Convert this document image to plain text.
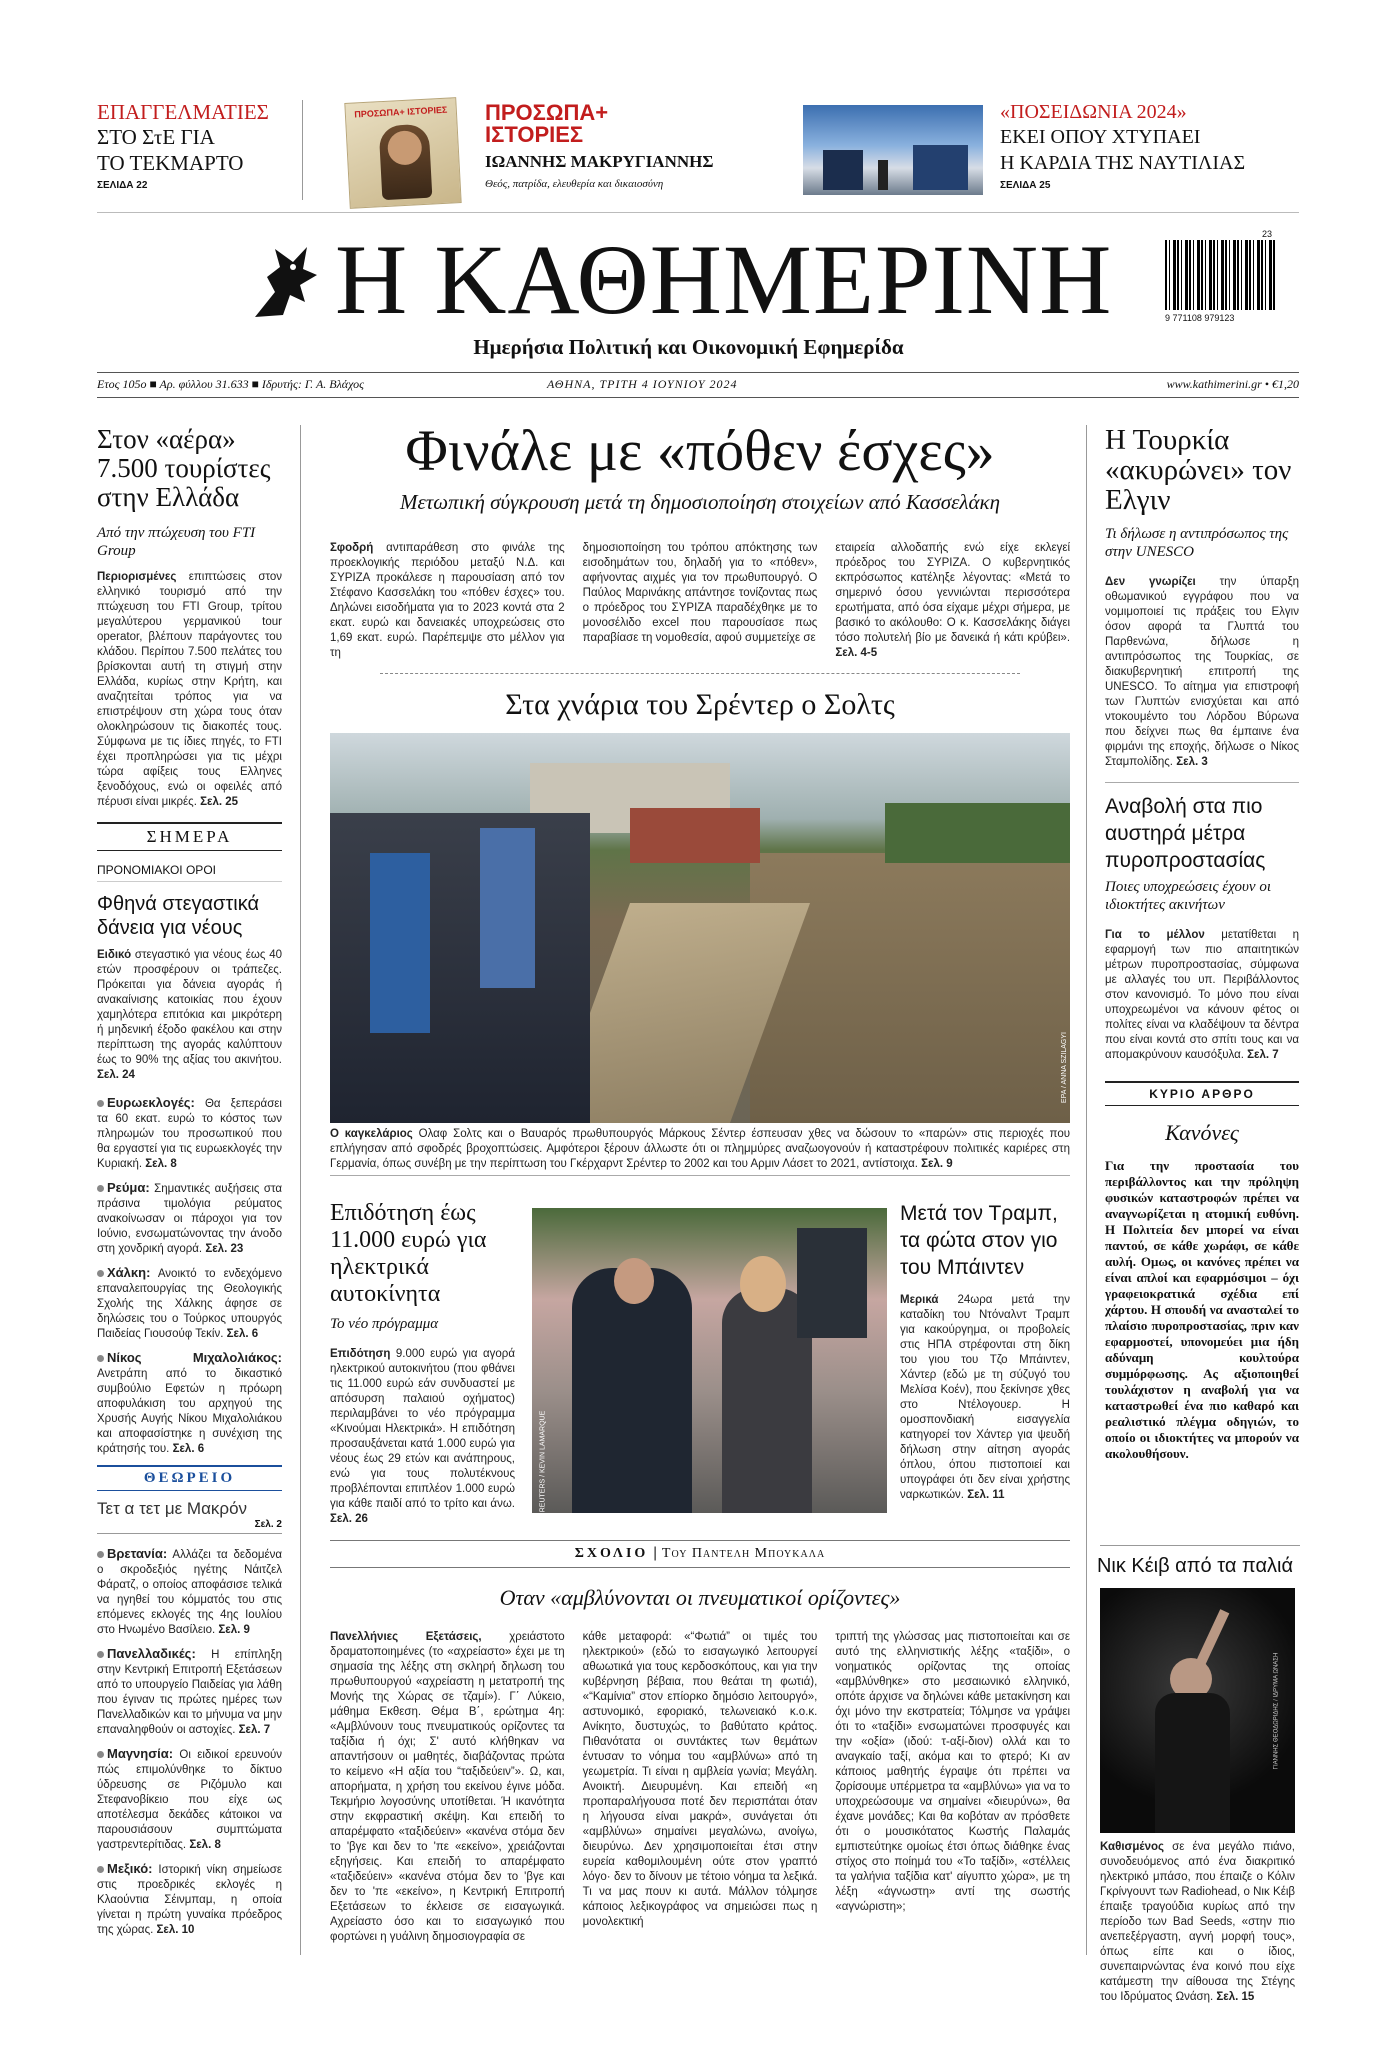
ΕΠΑΓΓΕΛΜΑΤΙΕΣ
ΣΤΟ ΣτΕ ΓΙΑ
ΤΟ ΤΕΚΜΑΡΤΟ
ΣΕΛΙΔΑ 22
ΠΡΟΣΩΠΑ+ ΙΣΤΟΡΙΕΣ	ΠΡΟΣΩΠΑ+ ΙΣΤΟΡΙΕΣ
ΙΩΑΝΝΗΣ ΜΑΚΡΥΓΙΑΝΝΗΣ
Θεός, πατρίδα, ελευθερία και δικαιοσύνη
«ΠΟΣΕΙΔΩΝΙΑ 2024»
ΕΚΕΙ ΟΠΟΥ ΧΤΥΠΑΕΙ
Η ΚΑΡΔΙΑ ΤΗΣ ΝΑΥΤΙΛΙΑΣ
ΣΕΛΙΔΑ 25
Η ΚΑΘΗΜΕΡΙΝΗ
Ημερήσια Πολιτική και Οικονομική Εφημερίδα
9 771108 979123
23
Ετος 105ο ■ Αρ. φύλλου 31.633 ■ Ιδρυτής: Γ. Α. Βλάχος	ΑΘΗΝΑ, ΤΡΙΤΗ 4 ΙΟΥΝΙΟΥ 2024	www.kathimerini.gr • €1,20
Στον «αέρα» 7.500 τουρίστες στην Ελλάδα
Από την πτώχευση του FTI Group

Περιορισμένες επιπτώσεις στον ελληνικό τουρισμό από την πτώχευση του FTI Group, τρίτου μεγαλύτερου γερμανικού tour operator, βλέπουν παράγοντες του κλάδου. Περίπου 7.500 πελάτες του βρίσκονται αυτή τη στιγμή στην Ελλάδα, κυρίως στην Κρήτη, και αναζητείται τρόπος για να επιστρέψουν στη χώρα τους όταν ολοκληρώσουν τις διακοπές τους. Σύμφωνα με τις ίδιες πηγές, το FTI έχει προπληρώσει για τις μέχρι τώρα αφίξεις τους Ελληνες ξενοδόχους, ενώ οι οφειλές από πέρυσι είναι μικρές. Σελ. 25

ΣΗΜΕΡΑ
ΠΡΟΝΟΜΙΑΚΟΙ ΟΡΟΙ
Φθηνά στεγαστικά δάνεια για νέους

Ειδικό στεγαστικό για νέους έως 40 ετών προσφέρουν οι τράπεζες. Πρόκειται για δάνεια αγοράς ή ανακαίνισης κατοικίας που έχουν χαμηλότερα επιτόκια και μικρότερη ή μηδενική έξοδο φακέλου και στην περίπτωση της αγοράς καλύπτουν έως το 90% της αξίας του ακινήτου. Σελ. 24

Ευρωεκλογές: Θα ξεπεράσει τα 60 εκατ. ευρώ το κόστος των πληρωμών του προσωπικού που θα εργαστεί για τις ευρωεκλογές την Κυριακή. Σελ. 8

Ρεύμα: Σημαντικές αυξήσεις στα πράσινα τιμολόγια ρεύματος ανακοίνωσαν οι πάροχοι για τον Ιούνιο, ενσωματώνοντας την άνοδο στη χονδρική αγορά. Σελ. 23

Χάλκη: Ανοικτό το ενδεχόμενο επαναλειτουργίας της Θεολογικής Σχολής της Χάλκης άφησε σε δηλώσεις του ο Τούρκος υπουργός Παιδείας Γιουσούφ Τεκίν. Σελ. 6

Νίκος Μιχαλολιάκος: Ανετράπη από το δικαστικό συμβούλιο Εφετών η πρόωρη αποφυλάκιση του αρχηγού της Χρυσής Αυγής Νίκου Μιχαλολιάκου και αποφασίστηκε η συνέχιση της κράτησής του. Σελ. 6

ΘΕΩΡΕΙΟ
Τετ α τετ με Μακρόν
Σελ. 2

Βρετανία: Αλλάζει τα δεδομένα ο σκροδεξιός ηγέτης Νάιτζελ Φάρατζ, ο οποίος αποφάσισε τελικά να ηγηθεί του κόμματός του στις επόμενες εκλογές της 4ης Ιουλίου στο Ηνωμένο Βασίλειο. Σελ. 9

Πανελλαδικές: Η επίπληξη στην Κεντρική Επιτροπή Εξετάσεων από το υπουργείο Παιδείας για λάθη που έγιναν τις πρώτες ημέρες των Πανελλαδικών και το μήνυμα να μην επαναληφθούν οι αστοχίες. Σελ. 7

Μαγνησία: Οι ειδικοί ερευνούν πώς επιμολύνθηκε το δίκτυο ύδρευσης σε Ριζόμυλο και Στεφανοβίκειο που είχε ως αποτέλεσμα δεκάδες κάτοικοι να παρουσιάσουν συμπτώματα γαστρεντερίτιδας. Σελ. 8

Μεξικό: Ιστορική νίκη σημείωσε στις προεδρικές εκλογές η Κλαούντια Σέινμπαμ, η οποία γίνεται η πρώτη γυναίκα πρόεδρος της χώρας. Σελ. 10

Φινάλε με «πόθεν έσχες»
Μετωπική σύγκρουση μετά τη δημοσιοποίηση στοιχείων από Κασσελάκη

Σφοδρή αντιπαράθεση στο φινάλε της προεκλογικής περιόδου μεταξύ Ν.Δ. και ΣΥΡΙΖΑ προκάλεσε η παρουσίαση από τον Στέφανο Κασσελάκη του «πόθεν έσχες» του. Δηλώνει εισοδήματα για το 2023 κοντά στα 2 εκατ. ευρώ και δανειακές υποχρεώσεις στο 1,69 εκατ. ευρώ. Παρέπεμψε στο μέλλον για τη

δημοσιοποίηση του τρόπου απόκτησης των εισοδημάτων του, δηλαδή για το «πόθεν», αφήνοντας αιχμές για τον πρωθυπουργό. Ο Παύλος Μαρινάκης απάντησε τονίζοντας πως ο πρόεδρος του ΣΥΡΙΖΑ παραδέχθηκε με το μονοσέλιδο excel που παρουσίασε πως παραβίασε τη νομοθεσία, αφού συμμετείχε σε

εταιρεία αλλοδαπής ενώ είχε εκλεγεί πρόεδρος του ΣΥΡΙΖΑ. Ο κυβερνητικός εκπρόσωπος κατέληξε λέγοντας: «Μετά το σημερινό όσου γεννιώνται περισσότερα ερωτήματα, από όσα είχαμε μέχρι σήμερα, με βασικό το ακόλουθο: Ο κ. Κασσελάκης διάγει τόσο πολυτελή βίο με δανεικά ή κάτι κρύβει». Σελ. 4-5

Στα χνάρια του Σρέντερ ο Σολτς
EPA / ANNA SZILAGYI

Ο καγκελάριος Ολαφ Σολτς και ο Βαυαρός πρωθυπουργός Μάρκους Σέντερ έσπευσαν χθες να δώσουν το «παρών» στις περιοχές που επλήγησαν από σφοδρές βροχοπτώσεις. Αμφότεροι ξέρουν άλλωστε ότι οι πλημμύρες αναζωογονούν ή καταστρέφουν πολιτικές καριέρες στη Γερμανία, όπως συνέβη με την περίπτωση του Γκέρχαρντ Σρέντερ το 2002 και του Αρμιν Λάσετ το 2021, αντίστοιχα. Σελ. 9

Επιδότηση έως 11.000 ευρώ για ηλεκτρικά αυτοκίνητα
Το νέο πρόγραμμα

Επιδότηση 9.000 ευρώ για αγορά ηλεκτρικού αυτοκινήτου (που φθάνει τις 11.000 ευρώ εάν συνδυαστεί με απόσυρση παλαιού οχήματος) περιλαμβάνει το νέο πρόγραμμα «Κινούμαι Ηλεκτρικά». Η επιδότηση προσαυξάνεται κατά 1.000 ευρώ για νέους έως 29 ετών και ανάπηρους, ενώ για τους πολυτέκνους προβλέπονται επιπλέον 1.000 ευρώ για κάθε παιδί από το τρίτο και άνω. Σελ. 26

REUTERS / KEVIN LAMARQUE
Μετά τον Τραμπ, τα φώτα στον γιο του Μπάιντεν

Μερικά 24ωρα μετά την καταδίκη του Ντόναλντ Τραμπ για κακούργημα, οι προβολείς στις ΗΠΑ στρέφονται στη δίκη του γιου του Τζο Μπάιντεν, Χάντερ (εδώ με τη σύζυγό του Μελίσα Κοέν), που ξεκίνησε χθες στο Ντέλογουερ. Η ομοσπονδιακή εισαγγελία κατηγορεί τον Χάντερ για ψευδή δήλωση στην αίτηση αγοράς όπλου, όπου πιστοποιεί και υπογράφει ότι δεν είναι χρήστης ναρκωτικών. Σελ. 11

ΣΧΟΛΙΟ | Του Παντελη Μπουκαλα
Οταν «αμβλύνονται οι πνευματικοί ορίζοντες»

Πανελλήνιες Εξετάσεις, χρειάστοτο δραματοποιημένες (το «αχρείαστο» έχει με τη σημασία της λέξης στη σκληρή δηλωση του πρωθυπουργού «αχρείαστη η μετατροπή της Μονής της Χώρας σε τζαμί»). Γ΄ Λύκειο, μάθημα Εκθεση. Θέμα Β΄, ερώτημα 4η: «Αμβλύνουν τους πνευματικούς ορίζοντες τα ταξίδια ή όχι; Σ' αυτό κλήθηκαν να απαντήσουν οι μαθητές, διαβάζοντας πρώτα το κείμενο «Η αξία του “ταξιδεύειν”». Ω, και, απορήματα, η χρήση του εκείνου έγινε μόδα. Τεκμήριο λογοσύνης υποτίθεται. Ή ικανότητα στην εκφραστική σκέψη. Και επειδή το απαρέμφατο «ταξιδεύειν» «κανένα στόμα δεν το 'βγε και δεν το 'πε «εκείνο», χρειάζονται εξηγήσεις. Και επειδή το απαρέμφατο «ταξιδεύειν» «κανένα στόμα δεν το 'βγε και δεν το 'πε «εκείνο», η Κεντρική Επιτροπή Εξετάσεων το έκλεισε σε εισαγωγικά. Αχρείαστο όσο και το εισαγωγικό που φορτώνει η γυάλινη δημοσιογραφία σε

κάθε μεταφορά: «“Φωτιά” οι τιμές του ηλεκτρικού» (εδώ το εισαγωγικό λειτουργεί αθωωτικά για τους κερδοσκόπους, και για την κυβέρνηση βέβαια, που θεάται τη φωτιά), «“Καμίνια” στον επίορκο δημόσιο λειτουργό», αστυνομικό, εφοριακό, τελωνειακό κ.ο.κ. Ανίκητο, δυστυχώς, το βαθύτατο κράτος. Πιθανότατα οι συντάκτες των θεμάτων έντυσαν το νόημα του «αμβλύνω» από τη γεωμετρία. Τι είναι η αμβλεία γωνία; Μεγάλη. Ανοικτή. Διευρυμένη. Και επειδή «η προπαραλήγουσα ποτέ δεν περισπάται όταν η λήγουσα είναι μακρά», συνάγεται ότι «αμβλύνω» σημαίνει μεγαλώνω, ανοίγω, διευρύνω. Δεν χρησιμοποιείται έτσι στην ευρεία καθομιλουμένη ούτε στον γραπτό λόγο· δεν το δίνουν με τέτοιο νόημα τα λεξικά. Τι να μας πουν κι αυτά. Μάλλον τόλμησε κάποιος λεξικογράφος να σημειώσει πως η μονολεκτική

τριπτή της γλώσσας μας πιστοποιείται και σε αυτό της ελληνιστικής λέξης «ταξίδι», ο νοηματικός ορίζοντας της οποίας «αμβλύνθηκε» στο μεσαιωνικό ελληνικό, οπότε άρχισε να δηλώνει κάθε μετακίνηση και όχι μόνο την εκστρατεία; Τόλμησε να γράψει ότι το «ταξίδι» ενσωματώνει προσφυγές και την «οξία» (ιδού: τ-αξί-διον) ολλά και το αναγκαίο ταξί, ακόμα και το φτερό; Κι αν κάποιος μαθητής έγραψε ότι πρέπει να ζορίσουμε υπέρμετρα τα «αμβλύνω» για να το υποχρεώσουμε να σημαίνει «διευρύνω», θα έχανε μονάδες; Και θα κοβόταν αν πρόσθετε ότι ο μουσικότατος Κωστής Παλαμάς εμπιστεύτηκε ομοίως έτσι όπως διάθηκε ένας στίχος στο ποίημά του «Το ταξίδι», «στέλλεις τα γαλήνια ταξίδια κατ' αίγυπτο χώρα», με τη λέξη «άγνωστη» αντί της σωστής «αγνώριστη»;

Η Τουρκία «ακυρώνει» τον Ελγιν
Τι δήλωσε η αντιπρόσωπος της στην UNESCO

Δεν γνωρίζει την ύπαρξη οθωμανικού εγγράφου που να νομιμοποιεί τις πράξεις του Ελγιν όσον αφορά τα Γλυπτά του Παρθενώνα, δήλωσε η αντιπρόσωπος της Τουρκίας, σε διακυβερνητική επιτροπή της UNESCO. Το αίτημα για επιστροφή των Γλυπτών ενισχύεται και από ντοκουμέντο του Λόρδου Βύρωνα που δείχνει πως θα έμπαινε ένα φιρμάνι της εποχής, δήλωσε ο Νίκος Σταμπολίδης. Σελ. 3

Αναβολή στα πιο αυστηρά μέτρα πυροπροστασίας
Ποιες υποχρεώσεις έχουν οι ιδιοκτήτες ακινήτων

Για το μέλλον μετατίθεται η εφαρμογή των πιο απαιτητικών μέτρων πυροπροστασίας, σύμφωνα με αλλαγές του υπ. Περιβάλλοντος στον κανονισμό. Το μόνο που είναι υποχρεωμένοι να κάνουν φέτος οι πολίτες είναι να κλαδέψουν τα δέντρα που είναι κοντά στο σπίτι τους και να απομακρύνουν καυσόξυλα. Σελ. 7

ΚΥΡΙΟ ΑΡΘΡΟ
Κανόνες

Για την προστασία του περιβάλλοντος και την πρόληψη φυσικών καταστροφών πρέπει να αναγνωρίζεται η ατομική ευθύνη. Η Πολιτεία δεν μπορεί να είναι παντού, σε κάθε χωράφι, σε κάθε αυλή. Ομως, οι κανόνες πρέπει να είναι απλοί και εφαρμόσιμοι – όχι γραφειοκρατικά σχέδια επί χάρτου. Η σπουδή να ανασταλεί το πλαίσιο πυροπροστασίας, πριν καν εφαρμοστεί, υπονομεύει μια ήδη αδύναμη κουλτούρα συμμόρφωσης. Ας αξιοποιηθεί τουλάχιστον η αναβολή για να καταστρωθεί ένα πιο καθαρό και ρεαλιστικό πλέγμα οδηγιών, το οποίο οι ιδιοκτήτες να μπορούν να ακολουθήσουν.

Νικ Κέιβ από τα παλιά
ΓΙΑΝΝΗΣ ΘΕΟΔΩΡΙΔΗΣ / ΙΔΡΥΜΑ ΩΝΑΣΗ

Καθισμένος σε ένα μεγάλο πιάνο, συνοδευόμενος από ένα διακριτικό ηλεκτρικό μπάσο, που έπαιζε ο Κόλιν Γκρίνγουντ των Radiohead, ο Νικ Κέιβ έπαιξε τραγούδια κυρίως από την περίοδο των Bad Seeds, «στην πιο ανεπεξέργαστη, αγνή μορφή τους», όπως είπε και ο ίδιος, συνεπαιρνώντας ένα κοινό που είχε κατάμεστη την αίθουσα της Στέγης του Ιδρύματος Ωνάση. Σελ. 15
